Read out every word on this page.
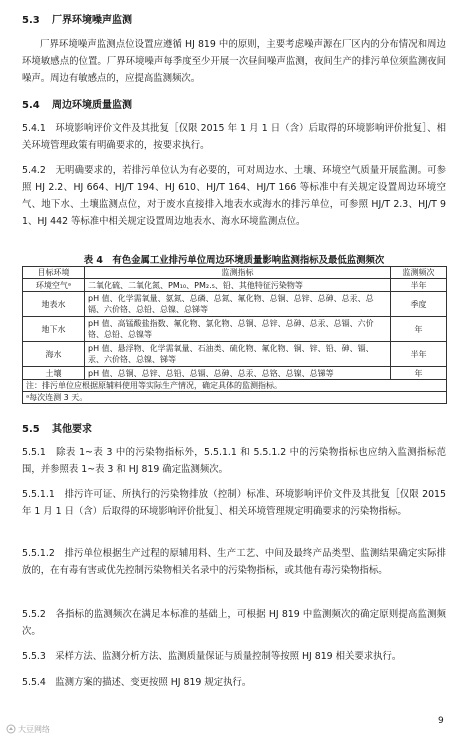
5.3 厂界环境噪声监测
厂界环境噪声监测点位设置应遵循 HJ 819 中的原则，主要考虑噪声源在厂区内的分布情况和周边环境敏感点的位置。厂界环境噪声每季度至少开展一次昼间噪声监测，夜间生产的排污单位须监测夜间噪声。周边有敏感点的，应提高监测频次。
5.4 周边环境质量监测
5.4.1　环境影响评价文件及其批复［仅限 2015 年 1 月 1 日（含）后取得的环境影响评价批复］、相关环境管理政策有明确要求的，按要求执行。
5.4.2　无明确要求的，若排污单位认为有必要的，可对周边水、土壤、环境空气质量开展监测。可参照 HJ 2.2、HJ 664、HJ/T 194、HJ 610、HJ/T 164、HJ/T 166 等标准中有关规定设置周边环境空气、地下水、土壤监测点位，对于废水直接排入地表水或海水的排污单位，可参照 HJ/T 2.3、HJ/T 91、HJ 442 等标准中相关规定设置周边地表水、海水环境监测点位。
表 4　有色金属工业排污单位周边环境质量影响监测指标及最低监测频次
目标环境	监测指标	监测频次
环境空气ᵃ	二氧化硫、二氧化氮、PM₁₀、PM₂.₅、铅、其他特征污染物等	半年
地表水	pH 值、化学需氧量、氨氮、总磷、总氮、氟化物、总铜、总锌、总砷、总汞、总镉、六价铬、总铅、总镍、总锑等	季度
地下水	pH 值、高锰酸盐指数、氟化物、氯化物、总铜、总锌、总砷、总汞、总镉、六价铬、总铅、总镍等	年
海水	pH 值、悬浮物、化学需氧量、石油类、硫化物、氟化物、铜、锌、铅、砷、镉、汞、六价铬、总镍、锑等	半年
土壤	pH 值、总铜、总锌、总铅、总镉、总砷、总汞、总铬、总镍、总锑等	年
注：排污单位应根据原辅料使用等实际生产情况，确定具体的监测指标。		
ᵃ每次连测 3 天。		
5.5 其他要求
5.5.1　除表 1~表 3 中的污染物指标外，5.5.1.1 和 5.5.1.2 中的污染物指标也应纳入监测指标范围，并参照表 1~表 3 和 HJ 819 确定监测频次。
5.5.1.1　排污许可证、所执行的污染物排放（控制）标准、环境影响评价文件及其批复［仅限 2015 年 1 月 1 日（含）后取得的环境影响评价批复］、相关环境管理规定明确要求的污染物指标。
5.5.1.2　排污单位根据生产过程的原辅用料、生产工艺、中间及最终产品类型、监测结果确定实际排放的，在有毒有害或优先控制污染物相关名录中的污染物指标，或其他有毒污染物指标。
5.5.2　各指标的监测频次在满足本标准的基础上，可根据 HJ 819 中监测频次的确定原则提高监测频次。
5.5.3　采样方法、监测分析方法、监测质量保证与质量控制等按照 HJ 819 相关要求执行。
5.5.4　监测方案的描述、变更按照 HJ 819 规定执行。
9
大豆网络
